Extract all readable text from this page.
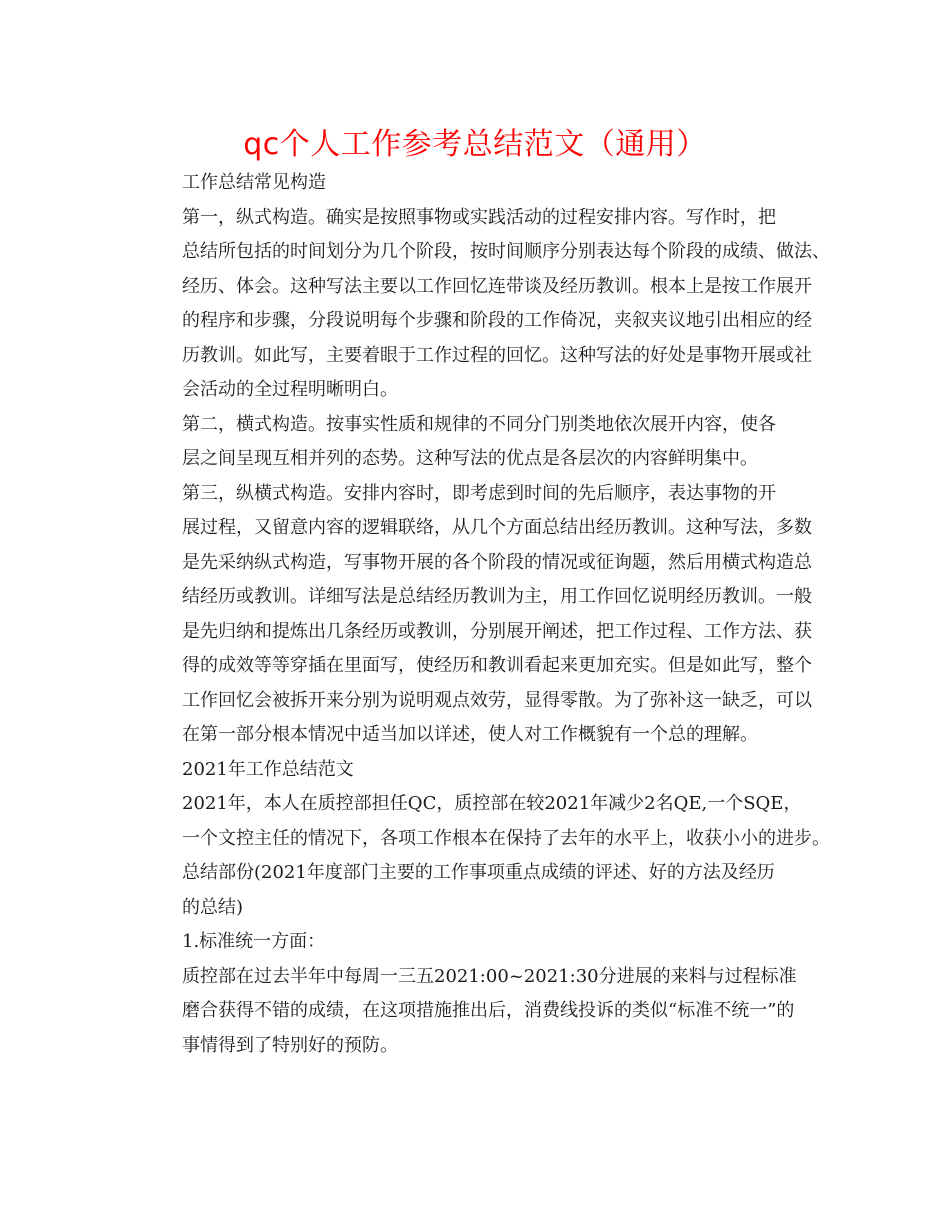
qc个人工作参考总结范文（通用）

工作总结常见构造

第一，纵式构造。确实是按照事物或实践活动的过程安排内容。写作时，把
总结所包括的时间划分为几个阶段，按时间顺序分别表达每个阶段的成绩、做法、
经历、体会。这种写法主要以工作回忆连带谈及经历教训。根本上是按工作展开
的程序和步骤，分段说明每个步骤和阶段的工作倚况，夹叙夹议地引出相应的经
历教训。如此写，主要着眼于工作过程的回忆。这种写法的好处是事物开展或社
会活动的全过程明晰明白。

第二，横式构造。按事实性质和规律的不同分门别类地依次展开内容，使各
层之间呈现互相并列的态势。这种写法的优点是各层次的内容鲜明集中。

第三，纵横式构造。安排内容时，即考虑到时间的先后顺序，表达事物的开
展过程，又留意内容的逻辑联络，从几个方面总结出经历教训。这种写法，多数
是先采纳纵式构造，写事物开展的各个阶段的情况或征询题，然后用横式构造总
结经历或教训。详细写法是总结经历教训为主，用工作回忆说明经历教训。一般
是先归纳和提炼出几条经历或教训，分别展开阐述，把工作过程、工作方法、获
得的成效等等穿插在里面写，使经历和教训看起来更加充实。但是如此写，整个
工作回忆会被拆开来分别为说明观点效劳，显得零散。为了弥补这一缺乏，可以
在第一部分根本情况中适当加以详述，使人对工作概貌有一个总的理解。

2021年工作总结范文

2021年，本人在质控部担任QC，质控部在较2021年减少2名QE,一个SQE，
一个文控主任的情况下，各项工作根本在保持了去年的水平上，收获小小的进步。

总结部份(2021年度部门主要的工作事项重点成绩的评述、好的方法及经历
的总结)

1.标准统一方面：

质控部在过去半年中每周一三五2021:00~2021:30分进展的来料与过程标准
磨合获得不错的成绩，在这项措施推出后，消费线投诉的类似“标准不统一”的
事情得到了特别好的预防。
